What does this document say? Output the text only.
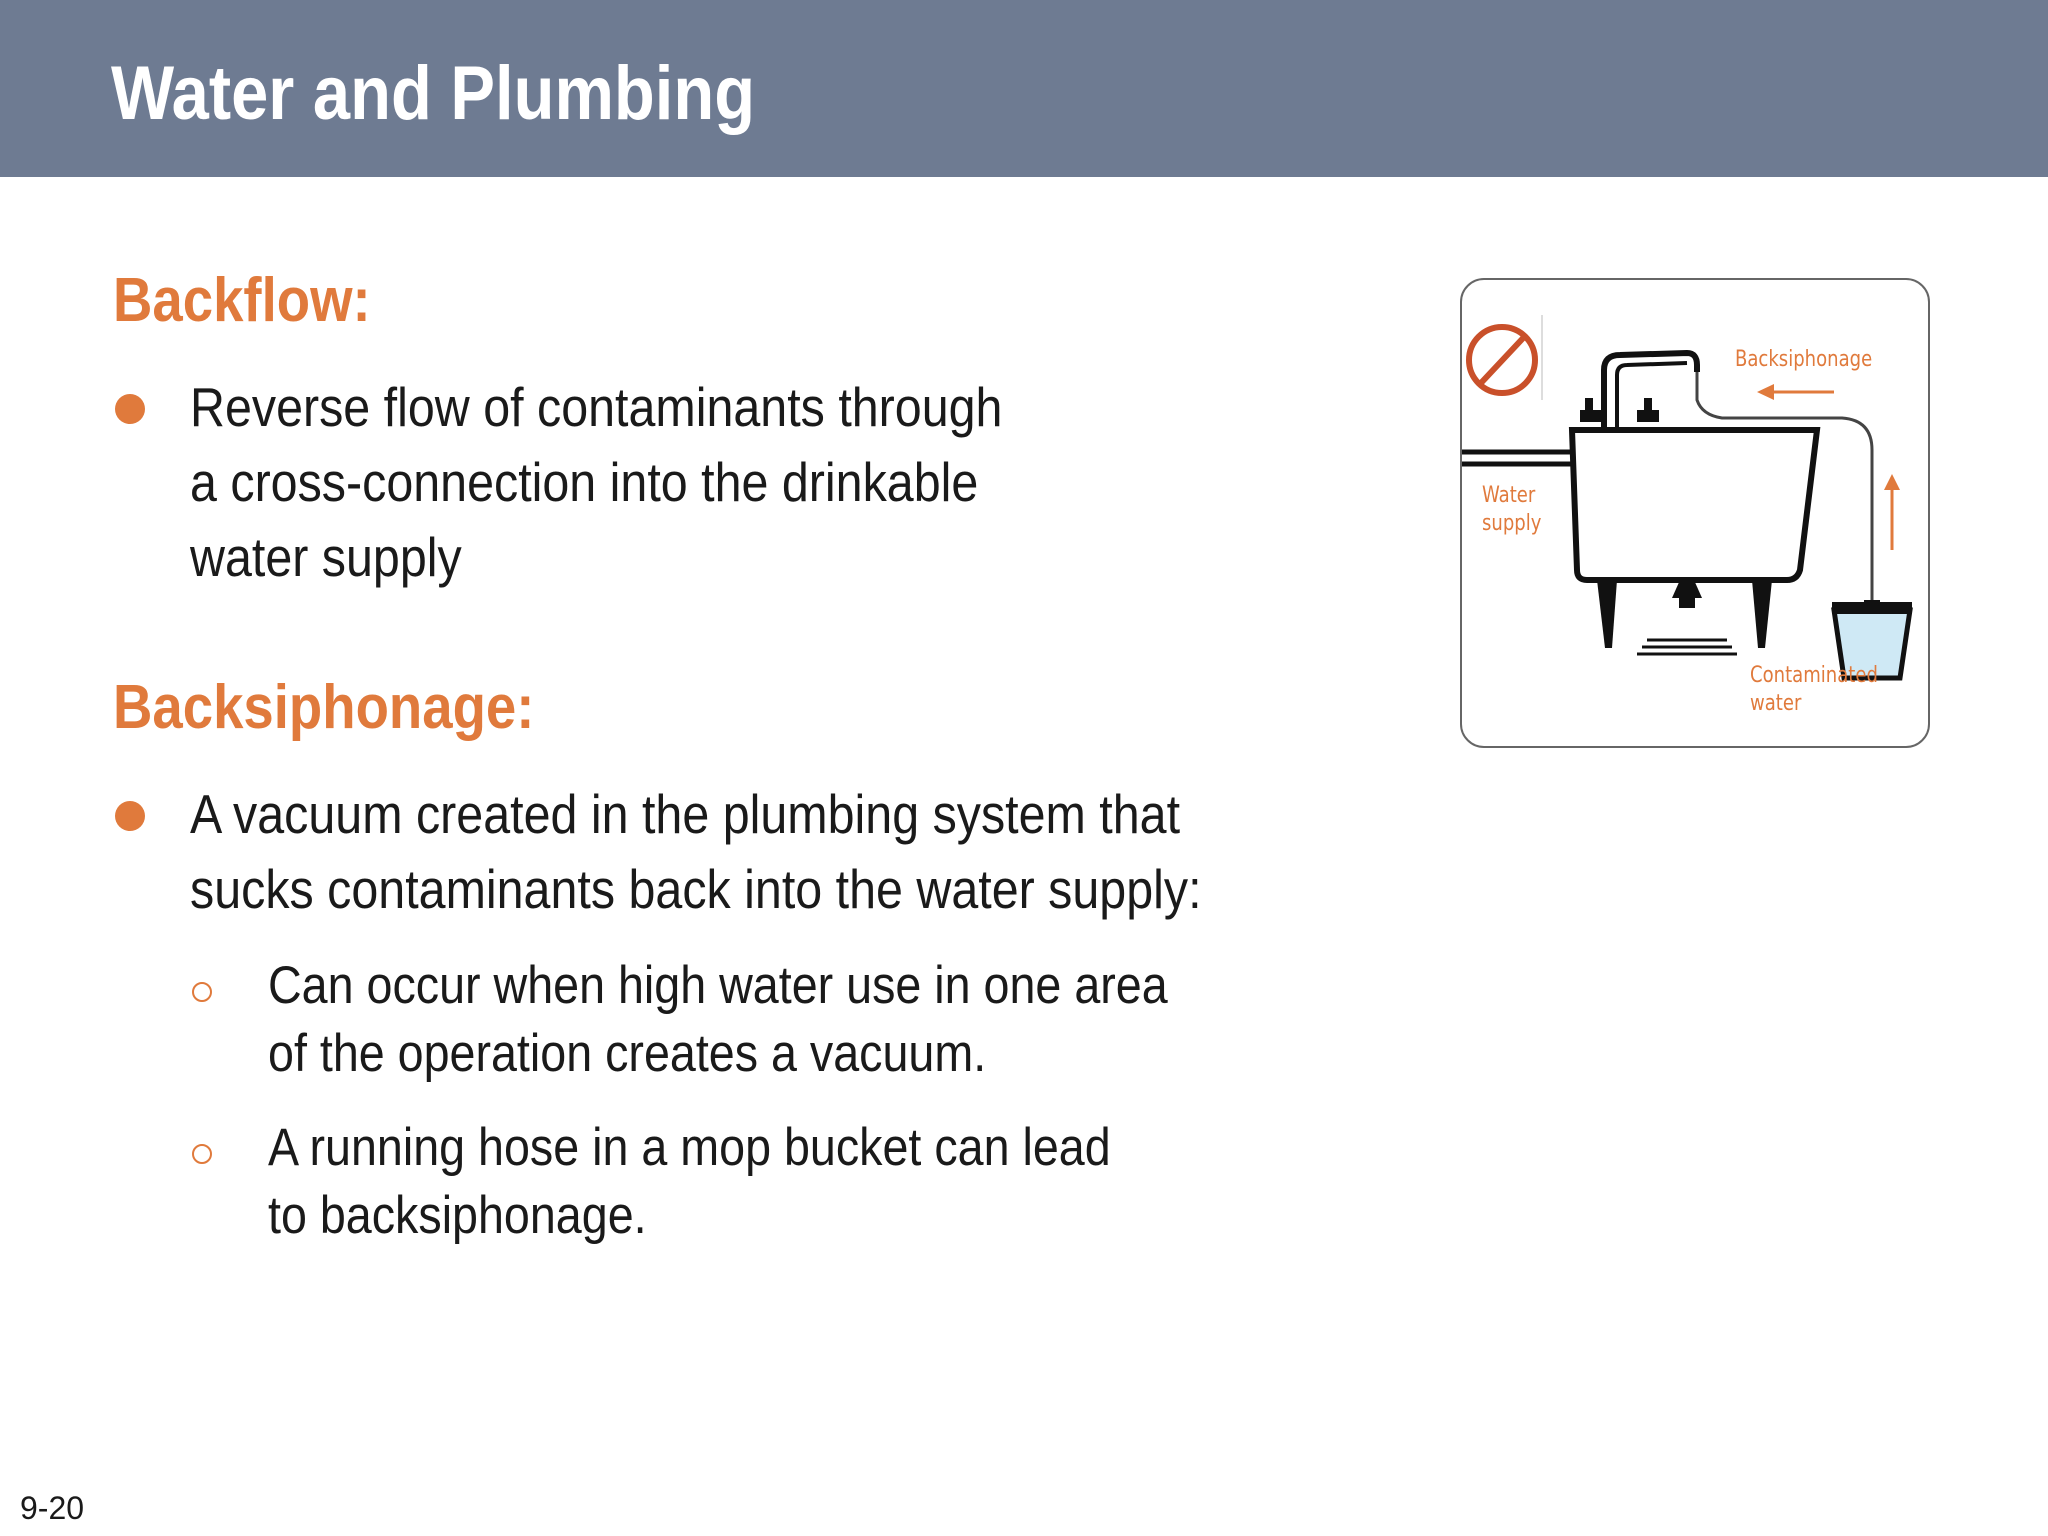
Water and Plumbing
Backflow:

Reverse flow of contaminants through
a cross-connection into the drinkable
water supply

Backsiphonage:

A vacuum created in the plumbing system that
sucks contaminants back into the water supply:

Can occur when high water use in one area
of the operation creates a vacuum.

A running hose in a mop bucket can lead
to backsiphonage.

Backsiphonage

Water
supply

Contaminated
water

9-20
